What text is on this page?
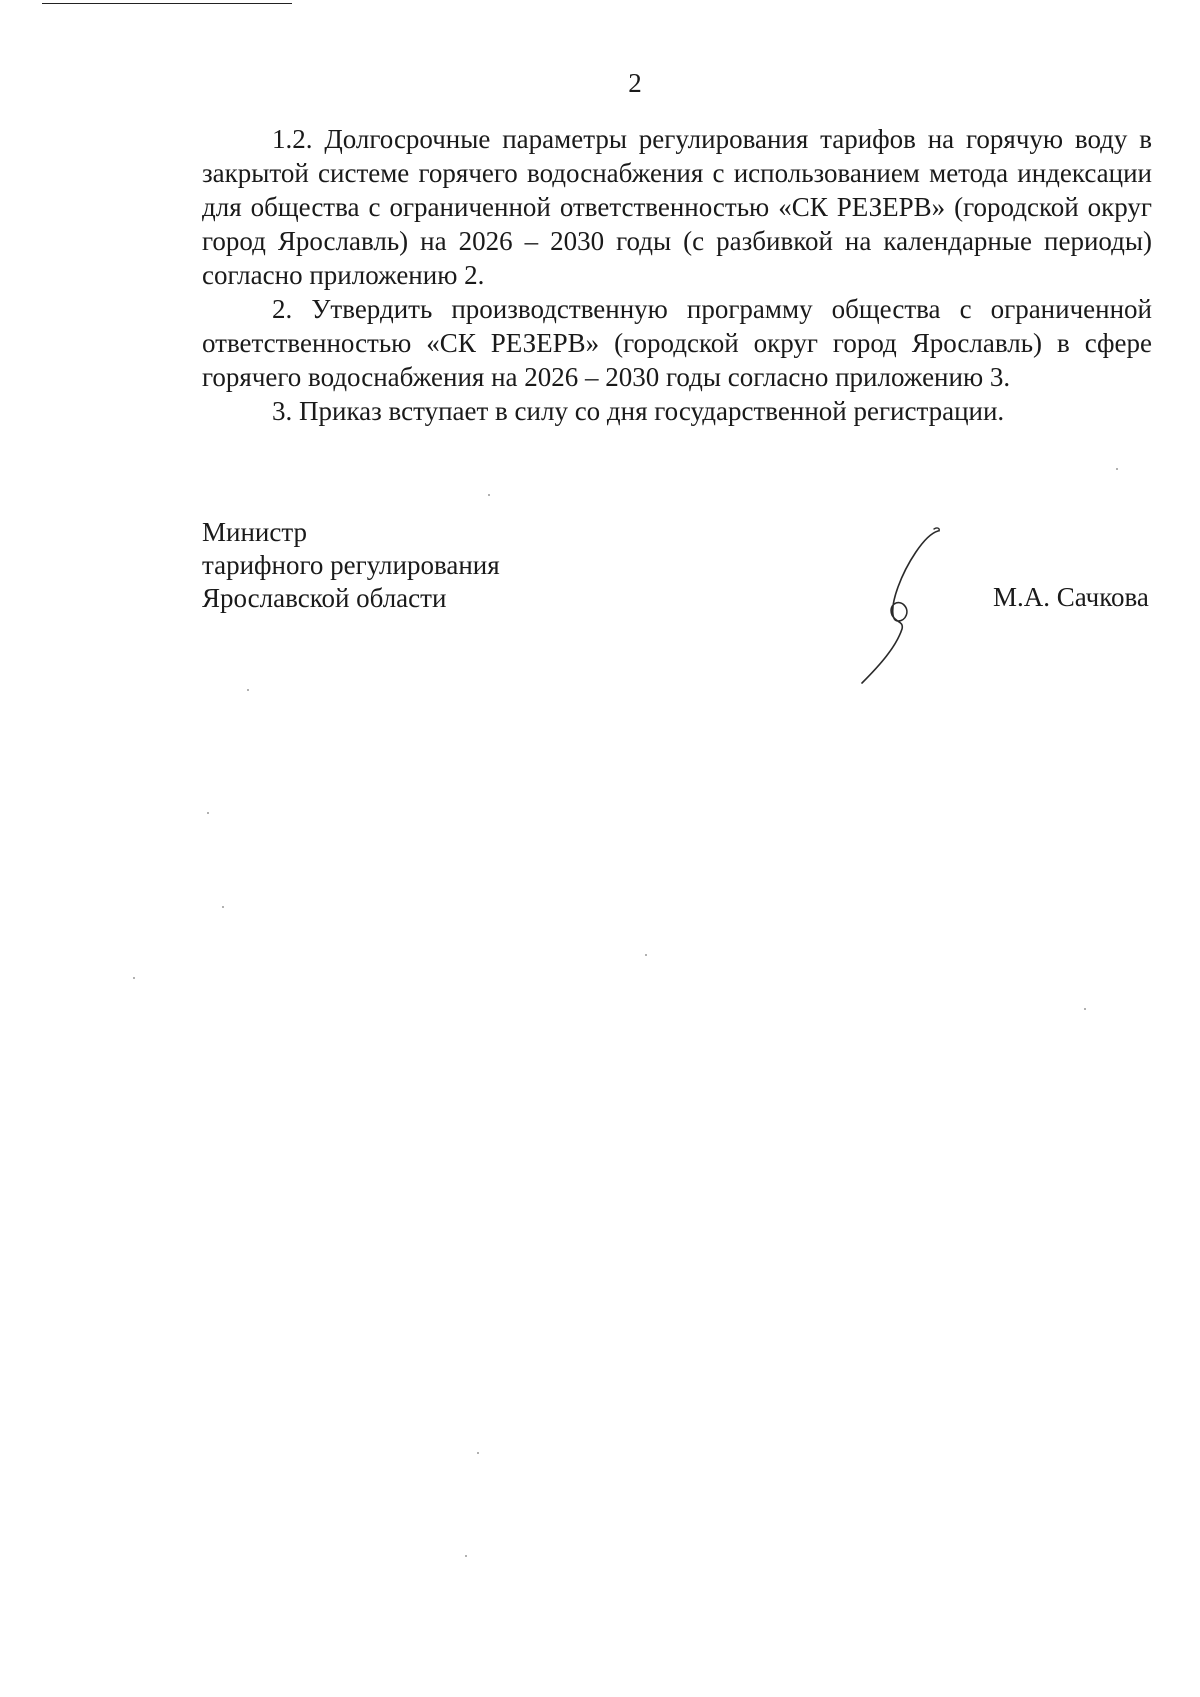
2

1.2. Долгосрочные параметры регулирования тарифов на горячую воду в закрытой системе горячего водоснабжения с использованием метода индексации для общества с ограниченной ответственностью «СК РЕЗЕРВ» (городской округ город Ярославль) на 2026 – 2030 годы (с разбивкой на календарные периоды) согласно приложению 2.

2. Утвердить производственную программу общества с ограниченной ответственностью «СК РЕЗЕРВ» (городской округ город Ярославль) в сфере горячего водоснабжения на 2026 – 2030 годы согласно приложению 3.

3. Приказ вступает в силу со дня государственной регистрации.

Министр
тарифного регулирования
Ярославской области	М.А. Сачкова
